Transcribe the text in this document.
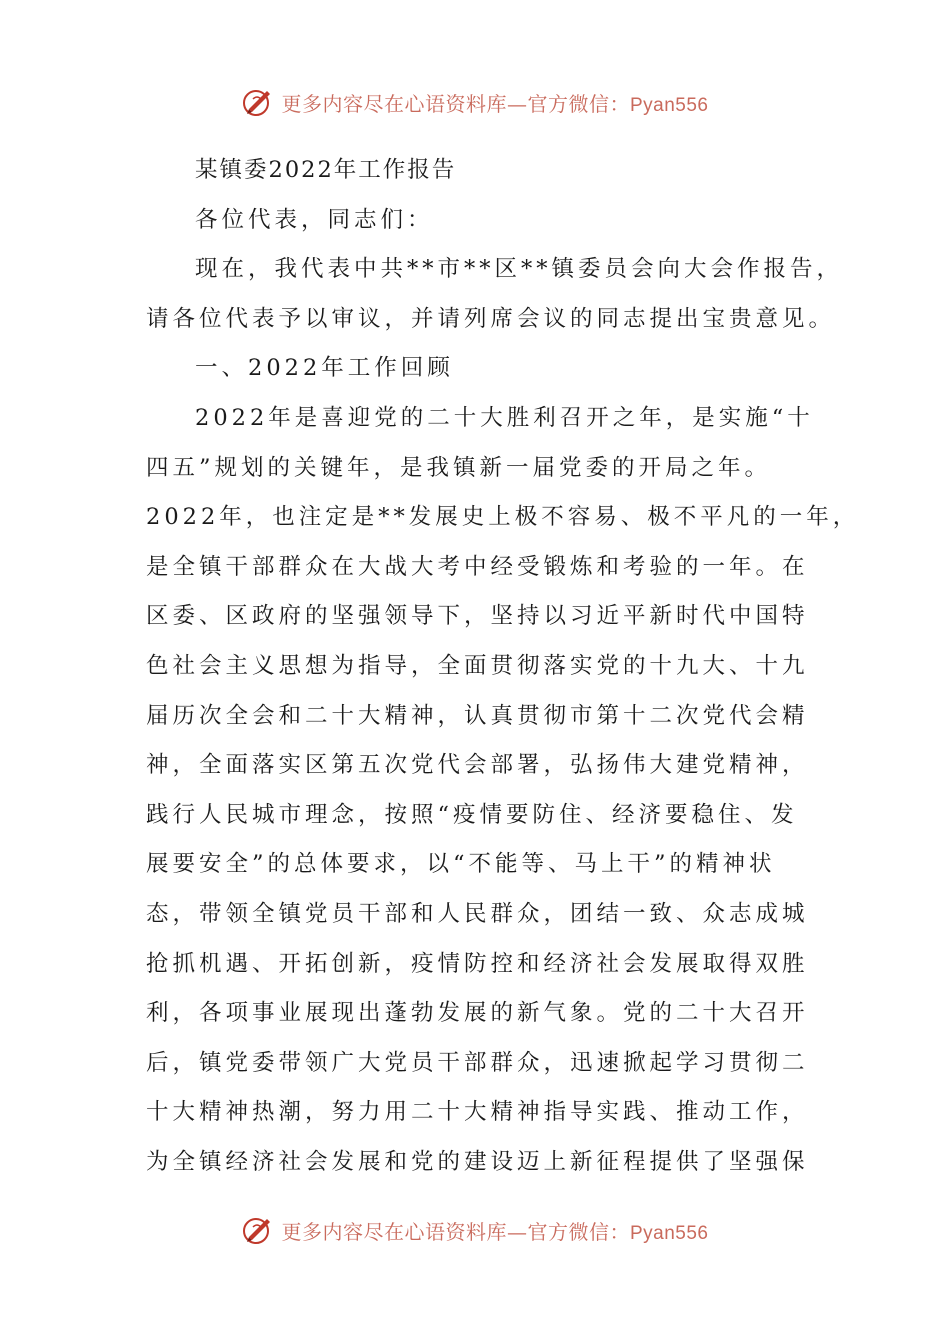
更多内容尽在心语资料库—官方微信：Pyan556
某镇委2022年工作报告
各位代表，同志们：
现在，我代表中共**市**区**镇委员会向大会作报告，
请各位代表予以审议，并请列席会议的同志提出宝贵意见。
一、2022年工作回顾
2022年是喜迎党的二十大胜利召开之年，是实施“十
四五”规划的关键年，是我镇新一届党委的开局之年。
2022年，也注定是**发展史上极不容易、极不平凡的一年，
是全镇干部群众在大战大考中经受锻炼和考验的一年。在
区委、区政府的坚强领导下，坚持以习近平新时代中国特
色社会主义思想为指导，全面贯彻落实党的十九大、十九
届历次全会和二十大精神，认真贯彻市第十二次党代会精
神，全面落实区第五次党代会部署，弘扬伟大建党精神，
践行人民城市理念，按照“疫情要防住、经济要稳住、发
展要安全”的总体要求，以“不能等、马上干”的精神状
态，带领全镇党员干部和人民群众，团结一致、众志成城
抢抓机遇、开拓创新，疫情防控和经济社会发展取得双胜
利，各项事业展现出蓬勃发展的新气象。党的二十大召开
后，镇党委带领广大党员干部群众，迅速掀起学习贯彻二
十大精神热潮，努力用二十大精神指导实践、推动工作，
为全镇经济社会发展和党的建设迈上新征程提供了坚强保
更多内容尽在心语资料库—官方微信：Pyan556
